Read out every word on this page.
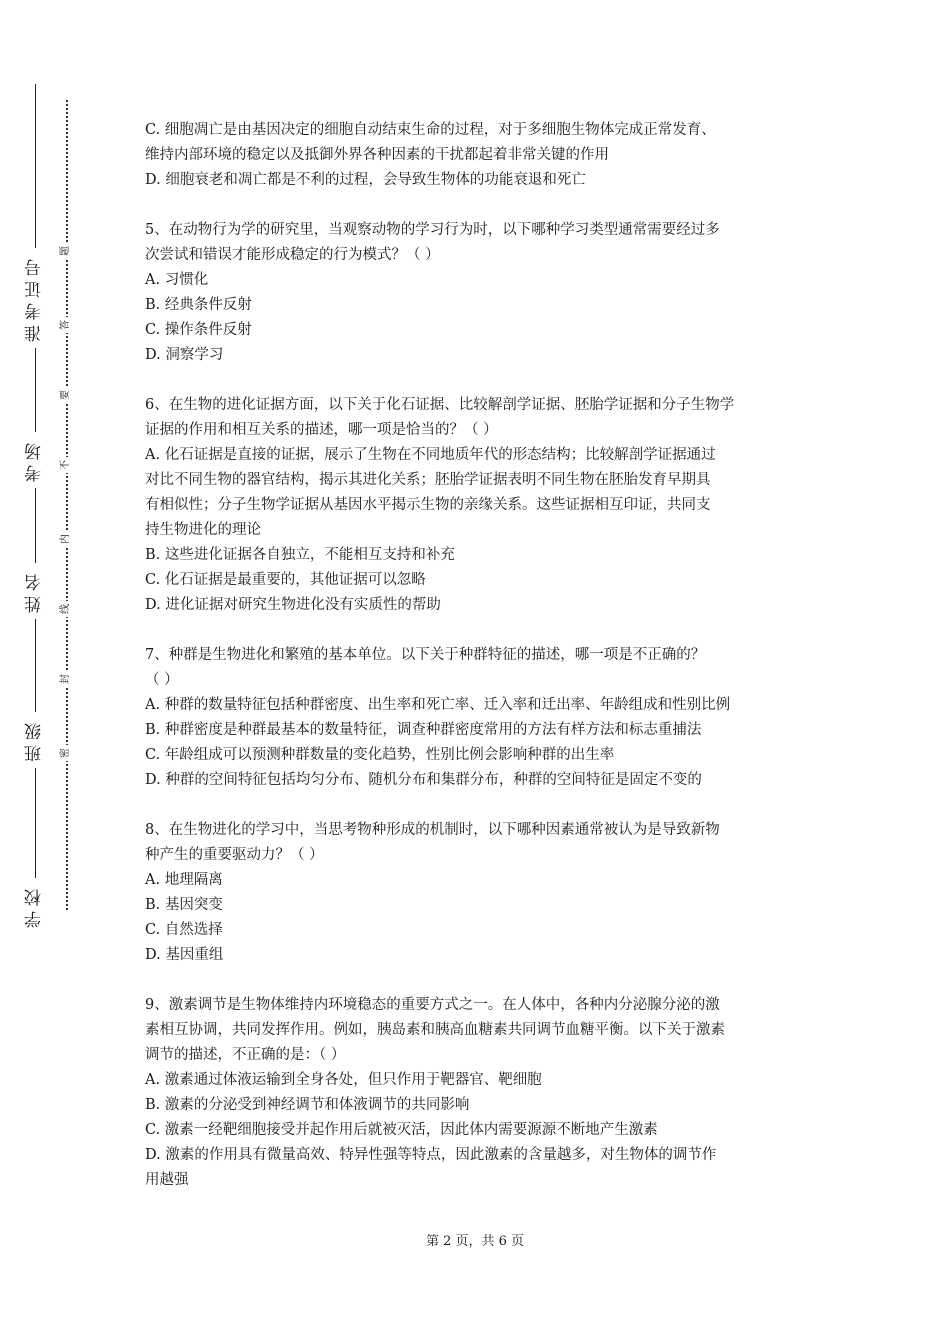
准考证号
考场
姓名
班级
学校
题
答
要
不
内
线
封
密
C. 细胞凋亡是由基因决定的细胞自动结束生命的过程，对于多细胞生物体完成正常发育、
维持内部环境的稳定以及抵御外界各种因素的干扰都起着非常关键的作用
D. 细胞衰老和凋亡都是不利的过程，会导致生物体的功能衰退和死亡
5、在动物行为学的研究里，当观察动物的学习行为时，以下哪种学习类型通常需要经过多
次尝试和错误才能形成稳定的行为模式？（ ）
A. 习惯化
B. 经典条件反射
C. 操作条件反射
D. 洞察学习
6、在生物的进化证据方面，以下关于化石证据、比较解剖学证据、胚胎学证据和分子生物学
证据的作用和相互关系的描述，哪一项是恰当的？（ ）
A. 化石证据是直接的证据，展示了生物在不同地质年代的形态结构；比较解剖学证据通过
对比不同生物的器官结构，揭示其进化关系；胚胎学证据表明不同生物在胚胎发育早期具
有相似性；分子生物学证据从基因水平揭示生物的亲缘关系。这些证据相互印证，共同支
持生物进化的理论
B. 这些进化证据各自独立，不能相互支持和补充
C. 化石证据是最重要的，其他证据可以忽略
D. 进化证据对研究生物进化没有实质性的帮助
7、种群是生物进化和繁殖的基本单位。以下关于种群特征的描述，哪一项是不正确的？
（ ）
A. 种群的数量特征包括种群密度、出生率和死亡率、迁入率和迁出率、年龄组成和性别比例
B. 种群密度是种群最基本的数量特征，调查种群密度常用的方法有样方法和标志重捕法
C. 年龄组成可以预测种群数量的变化趋势，性别比例会影响种群的出生率
D. 种群的空间特征包括均匀分布、随机分布和集群分布，种群的空间特征是固定不变的
8、在生物进化的学习中，当思考物种形成的机制时，以下哪种因素通常被认为是导致新物
种产生的重要驱动力？（ ）
A. 地理隔离
B. 基因突变
C. 自然选择
D. 基因重组
9、激素调节是生物体维持内环境稳态的重要方式之一。在人体中，各种内分泌腺分泌的激
素相互协调，共同发挥作用。例如，胰岛素和胰高血糖素共同调节血糖平衡。以下关于激素
调节的描述，不正确的是：（ ）
A. 激素通过体液运输到全身各处，但只作用于靶器官、靶细胞
B. 激素的分泌受到神经调节和体液调节的共同影响
C. 激素一经靶细胞接受并起作用后就被灭活，因此体内需要源源不断地产生激素
D. 激素的作用具有微量高效、特异性强等特点，因此激素的含量越多，对生物体的调节作
用越强
第 2 页，共 6 页
